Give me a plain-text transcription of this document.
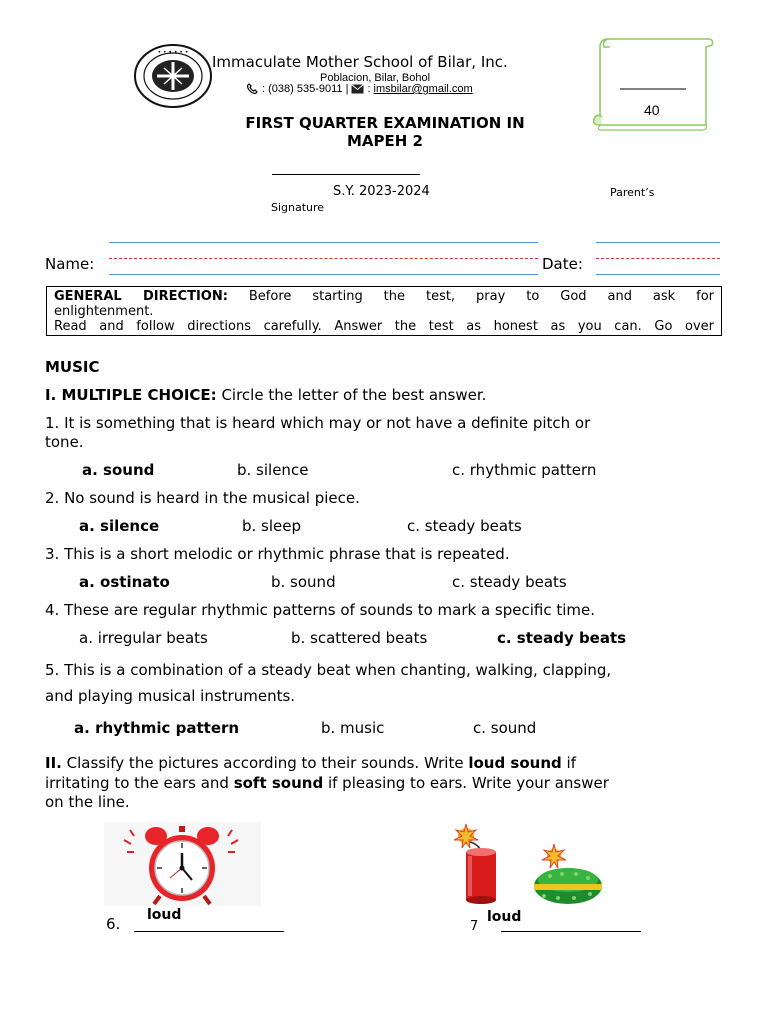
• • • • • •
Immaculate Mother School of Bilar, Inc.
Poblacion, Bilar, Bohol
: (038) 535-9011 | : imsbilar@gmail.com
40
FIRST QUARTER EXAMINATION IN
MAPEH 2
S.Y. 2023-2024	Parent’s
Signature
Name:	Date:
GENERAL DIRECTION: Before starting the test, pray to God and ask for
enlightenment.
Read and follow directions carefully. Answer the test as honest as you can. Go over
MUSIC
I. MULTIPLE CHOICE: Circle the letter of the best answer.
1. It is something that is heard which may or not have a definite pitch or
tone.
a. sound	b. silence	c. rhythmic pattern
2. No sound is heard in the musical piece.
a. silence	b. sleep	c. steady beats
3. This is a short melodic or rhythmic phrase that is repeated.
a. ostinato	b. sound	c. steady beats
4. These are regular rhythmic patterns of sounds to mark a specific time.
a. irregular beats	b. scattered beats	c. steady beats
5. This is a combination of a steady beat when chanting, walking, clapping,
and playing musical instruments.
a. rhythmic pattern	b. music	c. sound
II. Classify the pictures according to their sounds. Write loud sound if
irritating to the ears and soft sound if pleasing to ears. Write your answer
on the line.
6. loud
7
loud
